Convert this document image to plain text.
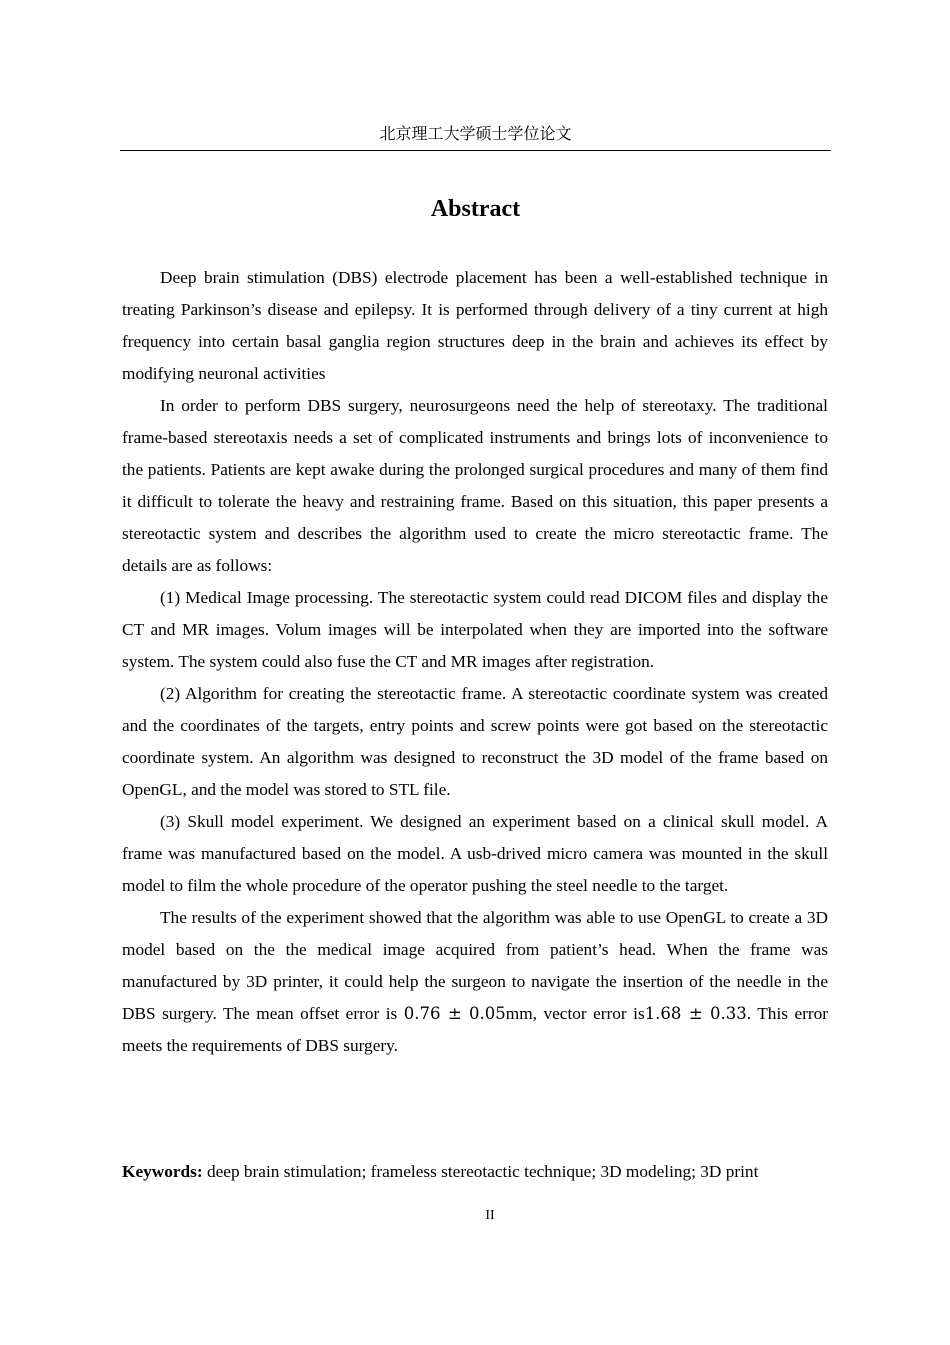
北京理工大学硕士学位论文
Abstract

Deep brain stimulation (DBS) electrode placement has been a well-established technique in treating Parkinson’s disease and epilepsy. It is performed through delivery of a tiny current at high frequency into certain basal ganglia region structures deep in the brain and achieves its effect by modifying neuronal activities

In order to perform DBS surgery, neurosurgeons need the help of stereotaxy. The traditional frame-based stereotaxis needs a set of complicated instruments and brings lots of inconvenience to the patients. Patients are kept awake during the prolonged surgical procedures and many of them find it difficult to tolerate the heavy and restraining frame. Based on this situation, this paper presents a stereotactic system and describes the algorithm used to create the micro stereotactic frame. The details are as follows:

(1) Medical Image processing. The stereotactic system could read DICOM files and display the CT and MR images. Volum images will be interpolated when they are imported into the software system. The system could also fuse the CT and MR images after registration.

(2) Algorithm for creating the stereotactic frame. A stereotactic coordinate system was created and the coordinates of the targets, entry points and screw points were got based on the stereotactic coordinate system. An algorithm was designed to reconstruct the 3D model of the frame based on OpenGL, and the model was stored to STL file.

(3) Skull model experiment. We designed an experiment based on a clinical skull model. A frame was manufactured based on the model. A usb-drived micro camera was mounted in the skull model to film the whole procedure of the operator pushing the steel needle to the target.

The results of the experiment showed that the algorithm was able to use OpenGL to create a 3D model based on the the medical image acquired from patient’s head. When the frame was manufactured by 3D printer, it could help the surgeon to navigate the insertion of the needle in the DBS surgery. The mean offset error is 0.76 ± 0.05mm, vector error is1.68 ± 0.33. This error meets the requirements of DBS surgery.

Keywords: deep brain stimulation; frameless stereotactic technique; 3D modeling; 3D print
II
